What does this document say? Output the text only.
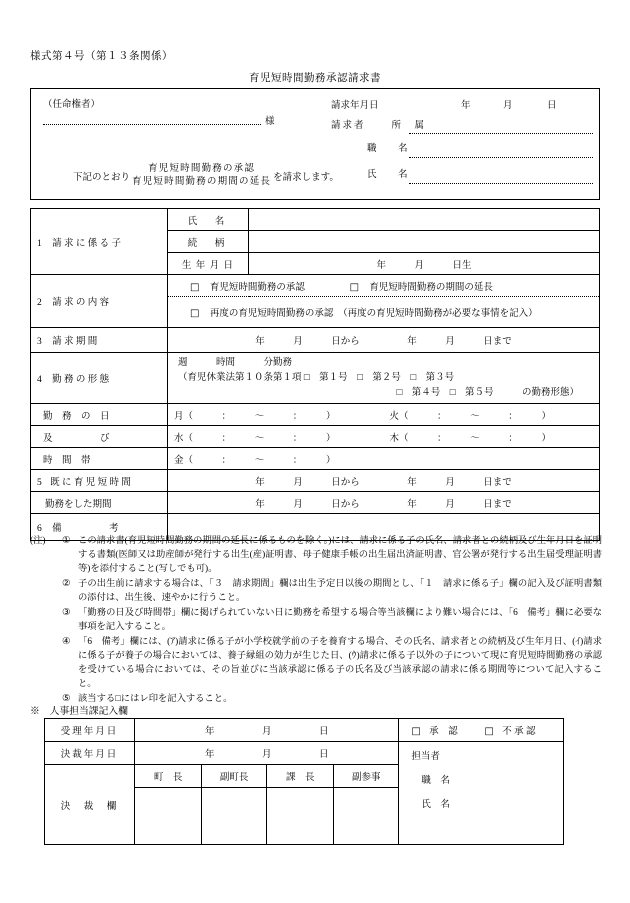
様式第４号（第１３条関係）
育児短時間勤務承認請求書
（任命権者）
様
下記のとおり
育児短時間勤務の承認
育児短時間勤務の期間の延長 を請求します。
請求年月日	年	月	日
請求者	所　属
職　名
氏　名
1 請 求 に 係 る 子	氏　名	
続　柄	
生 年 月 日	年　　　月　　　日生
2 請 求 の 内 容	□ 育児短時間勤務の承認	□ 育児短時間勤務の期間の延長
□ 再度の育児短時間勤務の承認　（再度の育児短時間勤務が必要な事情を記入）
3 請 求 期 間	年　　　月　　　日から　　　　　年　　　月　　　日まで
4 勤 務 の 形 態	
週　　　時間　　　分勤務
（育児休業法第１０条第１項 □　第１号　□　第２号　□　第３号
□　第４号　□　第５号　　　の勤務形態）

勤　務　の　日		月（　　　：　　　～　　　：　　　）	火（　　　：　　　～　　　：　　　）

及　　　　　び		水（　　　：　　　～　　　：　　　）	木（　　　：　　　～　　　：　　　）

時　間　帯		金（　　　：　　　～　　　：　　　）	

5 既 に 育 児 短 時 間	年　　　月　　　日から　　　　　年　　　月　　　日まで
勤務をした期間	年　　　月　　　日から　　　　　年　　　月　　　日まで
6 備　　　　　考	
(注)	① この請求書(育児短時間勤務の期間の延長に係るものを除く。)には、請求に係る子の氏名、請求者との続柄及び生年月日を証明する書類(医師又は助産師が発行する出生(産)証明書、母子健康手帳の出生届出済証明書、官公署が発行する出生届受理証明書等)を添付すること(写しでも可)。
② 子の出生前に請求する場合は、「３　請求期間」欄は出生予定日以後の期間とし、「１　請求に係る子」欄の記入及び証明書類の添付は、出生後、速やかに行うこと。
③ 「勤務の日及び時間帯」欄に掲げられていない日に勤務を希望する場合等当該欄により難い場合には、「6　備考」欄に必要な事項を記入すること。
④ 「6　備考」欄には、(ｱ)請求に係る子が小学校就学前の子を養育する場合、その氏名、請求者との続柄及び生年月日、(ｲ)請求に係る子が養子の場合においては、養子縁組の効力が生じた日、(ｳ)請求に係る子以外の子について現に育児短時間勤務の承認を受けている場合においては、その旨並びに当該承認に係る子の氏名及び当該承認の請求に係る期間等について記入すること。
⑤ 該当する□にはレ印を記入すること。
※　人事担当課記入欄
受理年月日	年　　　　　月　　　　　日				□ 承　認 □ 不 承 認
決裁年月日	年　　　　　月　　　　　日				担当者
職　名
氏　名

決　裁　欄	町　長	副町長	課　長	副参事	
